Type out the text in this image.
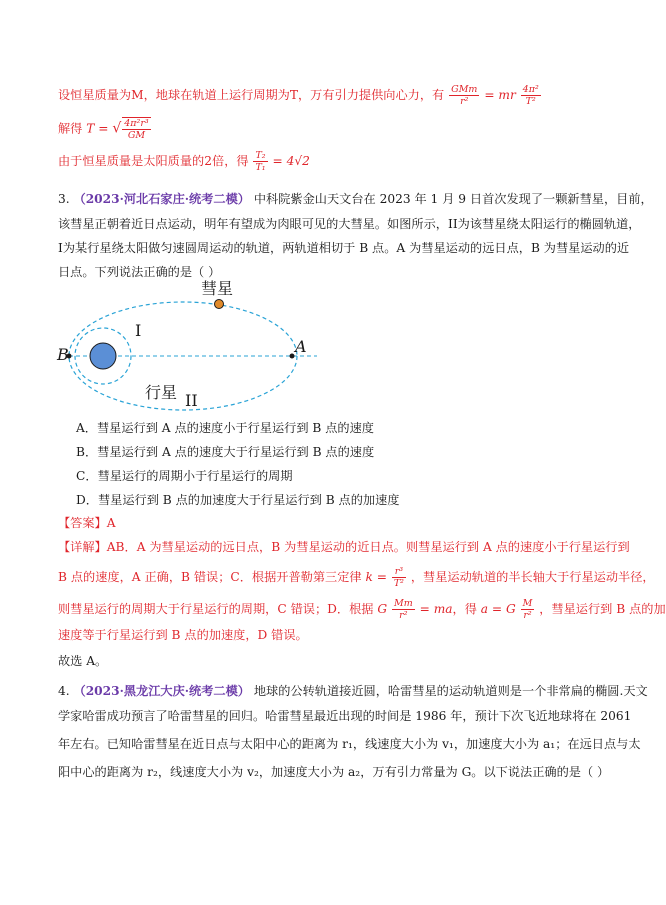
设恒星质量为M，地球在轨道上运行周期为T，万有引力提供向心力，有 $\frac{\text{GMm}}{\text{r²}}$ = mr $\frac{\text{4π²}}{\text{T²}}$
解得 T = √ $\frac{\text{4π²r³}}{GM}$
由于恒星质量是太阳质量的2倍，得 $\frac{\text{T₂}}{\text{T₁}} = 4√2$
3. （2023·河北石家庄·统考二模） 中科院紫金山天文台在 2023 年 1 月 9 日首次发现了一颗新彗星，目前，
该彗星正朝着近日点运动，明年有望成为肉眼可见的大彗星。如图所示，II为该彗星绕太阳运行的椭圆轨道，
I为某行星绕太阳做匀速圆周运动的轨道，两轨道相切于 B 点。A 为彗星运动的远日点，B 为彗星运动的近
日点。下列说法正确的是（ ）
彗星
I
行星 II
A
B
A．彗星运行到 A 点的速度小于行星运行到 B 点的速度
B．彗星运行到 A 点的速度大于行星运行到 B 点的速度
C．彗星运行的周期小于行星运行的周期
D．彗星运行到 B 点的加速度大于行星运行到 B 点的加速度
【答案】A
【详解】AB．A 为彗星运动的远日点，B 为彗星运动的近日点。则彗星运行到 A 点的速度小于行星运行到
B 点的速度，A 正确，B 错误；C．根据开普勒第三定律 $k = \frac{\text{r³}}{\text{T²}}$ ，彗星运动轨道的半长轴大于行星运动半径，
则彗星运行的周期大于行星运行的周期，C 错误；D．根据 G $\frac{Mm}{\text{r²}}$ = ma，得 a = G $\frac{M}{\text{r²}}$ ，彗星运行到 B 点的加
速度等于行星运行到 B 点的加速度，D 错误。
故选 A。
4. （2023·黑龙江大庆·统考二模） 地球的公转轨道接近圆，哈雷彗星的运动轨道则是一个非常扁的椭圆.天文
学家哈雷成功预言了哈雷彗星的回归。哈雷彗星最近出现的时间是 1986 年，预计下次飞近地球将在 2061
年左右。已知哈雷彗星在近日点与太阳中心的距离为 r₁，线速度大小为 v₁，加速度大小为 a₁；在远日点与太
阳中心的距离为 r₂，线速度大小为 v₂，加速度大小为 a₂，万有引力常量为 G。以下说法正确的是（ ）
